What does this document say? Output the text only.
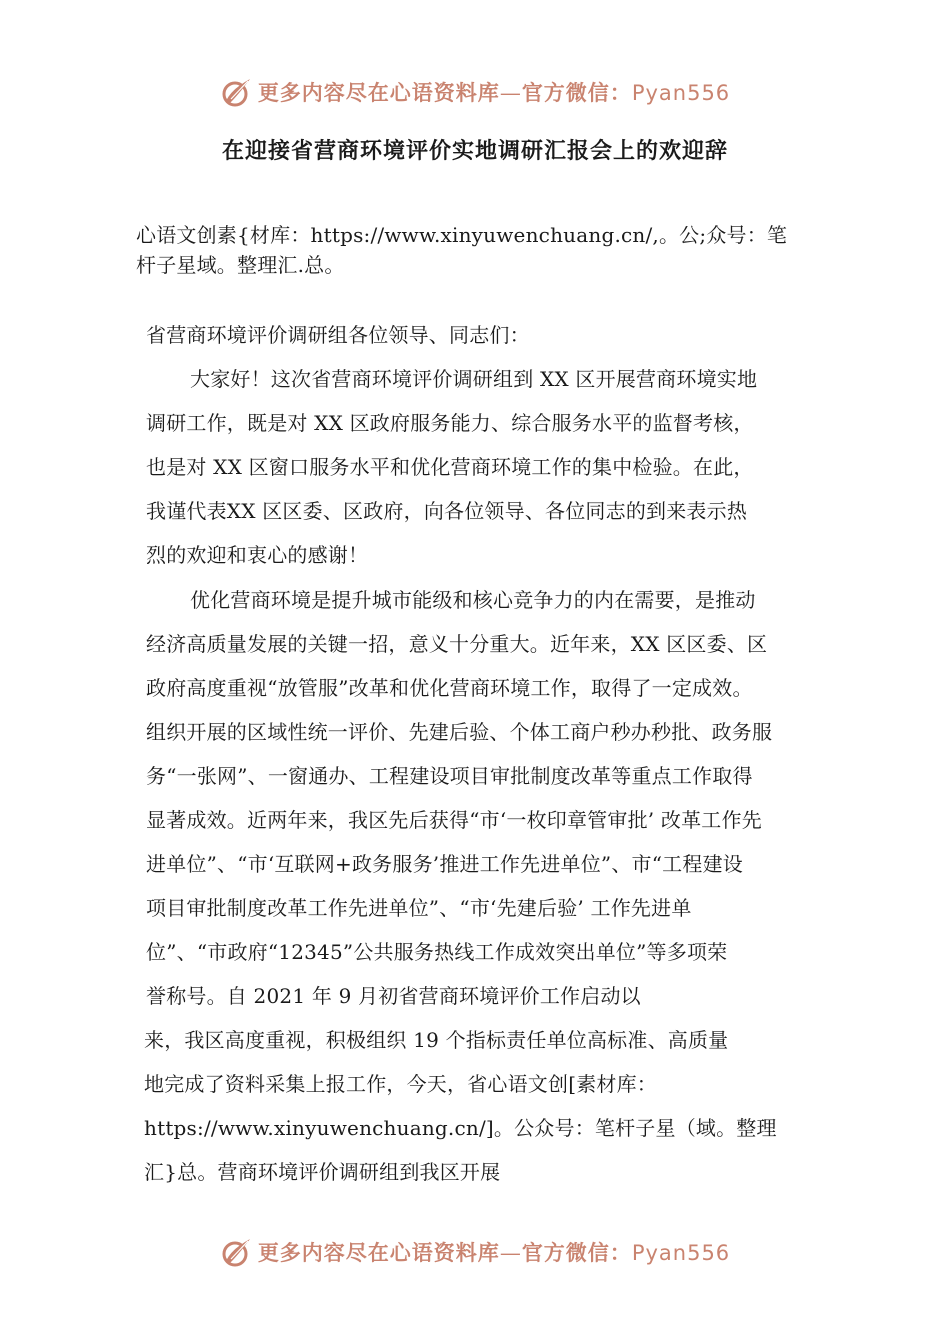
更多内容尽在心语资料库—官方微信：Pyan556
在迎接省营商环境评价实地调研汇报会上的欢迎辞
心语文创素{材库：https://www.xinyuwenchuang.cn/,。公;众号：笔
杆子星域。整理汇.总。
省营商环境评价调研组各位领导、同志们：
大家好！这次省营商环境评价调研组到 XX 区开展营商环境实地
调研工作，既是对 XX 区政府服务能力、综合服务水平的监督考核，
也是对 XX 区窗口服务水平和优化营商环境工作的集中检验。在此，
我谨代表XX 区区委、区政府，向各位领导、各位同志的到来表示热
烈的欢迎和衷心的感谢！
优化营商环境是提升城市能级和核心竞争力的内在需要，是推动
经济高质量发展的关键一招，意义十分重大。近年来，XX 区区委、区
政府高度重视“放管服”改革和优化营商环境工作，取得了一定成效。
组织开展的区域性统一评价、先建后验、个体工商户秒办秒批、政务服
务“一张网”、一窗通办、工程建设项目审批制度改革等重点工作取得
显著成效。近两年来，我区先后获得“市‘一枚印章管审批’ 改革工作先
进单位”、“市‘互联网+政务服务’推进工作先进单位”、市“工程建设
项目审批制度改革工作先进单位”、“市‘先建后验’ 工作先进单
位”、“市政府“12345”公共服务热线工作成效突出单位”等多项荣
誉称号。自 2021 年 9 月初省营商环境评价工作启动以
来，我区高度重视，积极组织 19 个指标责任单位高标准、高质量
地完成了资料采集上报工作，今天，省心语文创[素材库：
https://www.xinyuwenchuang.cn/]。公众号：笔杆子星（域。整理
汇}总。营商环境评价调研组到我区开展
更多内容尽在心语资料库—官方微信：Pyan556
